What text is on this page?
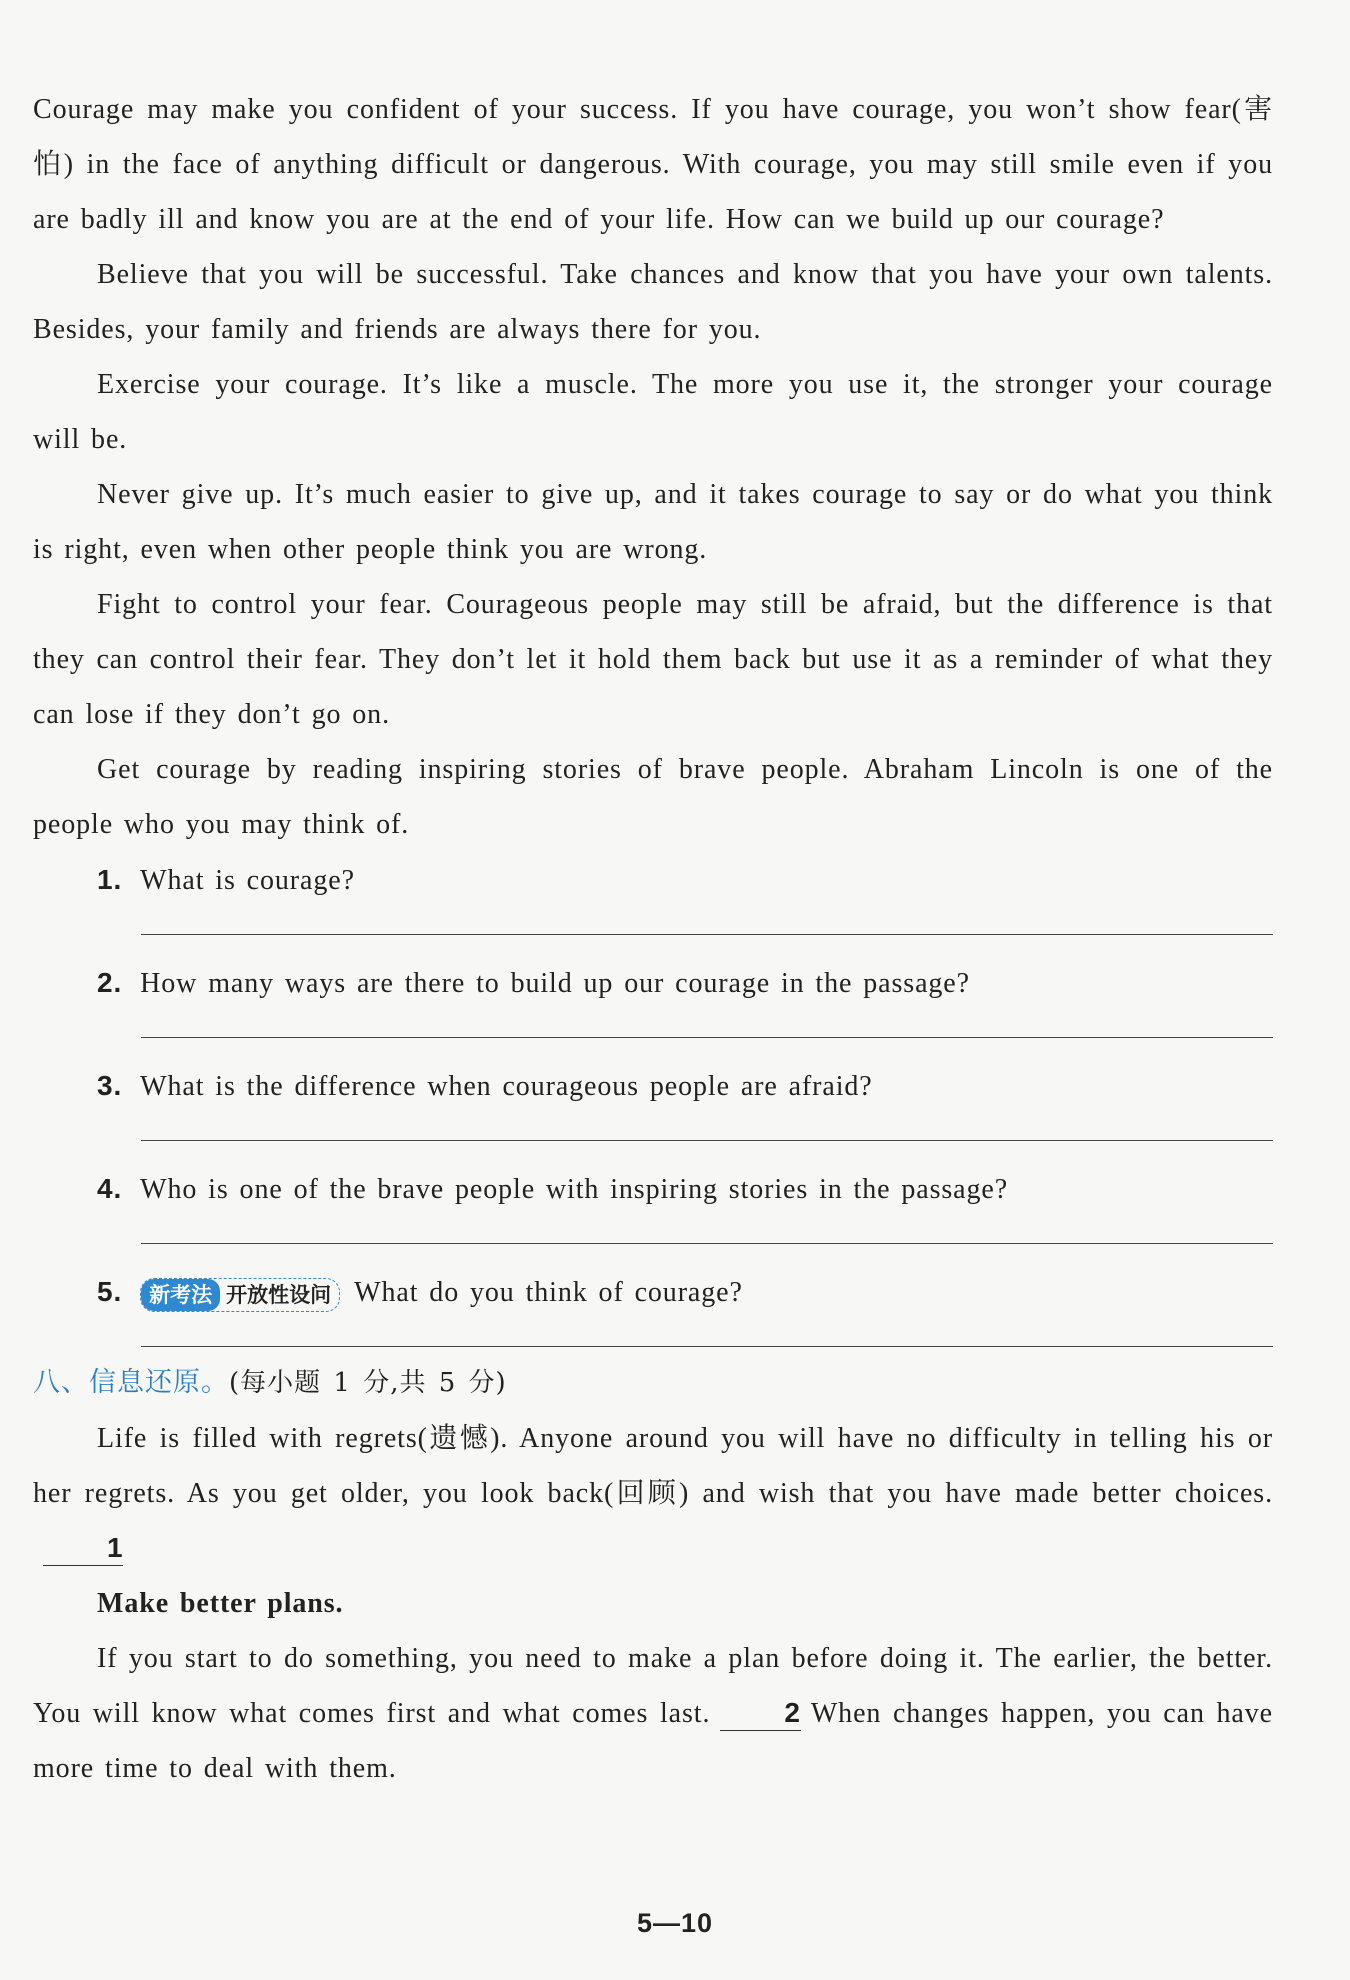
Courage may make you confident of your success. If you have courage, you won’t show fear(害怕) in the face of anything difficult or dangerous. With courage, you may still smile even if you are badly ill and know you are at the end of your life. How can we build up our courage?

Believe that you will be successful. Take chances and know that you have your own talents. Besides, your family and friends are always there for you.

Exercise your courage. It’s like a muscle. The more you use it, the stronger your courage will be.

Never give up. It’s much easier to give up, and it takes courage to say or do what you think is right, even when other people think you are wrong.

Fight to control your fear. Courageous people may still be afraid, but the difference is that they can control their fear. They don’t let it hold them back but use it as a reminder of what they can lose if they don’t go on.

Get courage by reading inspiring stories of brave people. Abraham Lincoln is one of the people who you may think of.

1. What is courage?
2. How many ways are there to build up our courage in the passage?
3. What is the difference when courageous people are afraid?
4. Who is one of the brave people with inspiring stories in the passage?
5.	新考法 开放性设问 What do you think of courage?

八、信息还原。(每小题 1 分,共 5 分)

Life is filled with regrets(遗憾). Anyone around you will have no difficulty in telling his or her regrets. As you get older, you look back(回顾) and wish that you have made better choices.1

Make better plans.

If you start to do something, you need to make a plan before doing it. The earlier, the better. You will know what comes first and what comes last.	2 When changes happen, you can have more time to deal with them.

5—10
